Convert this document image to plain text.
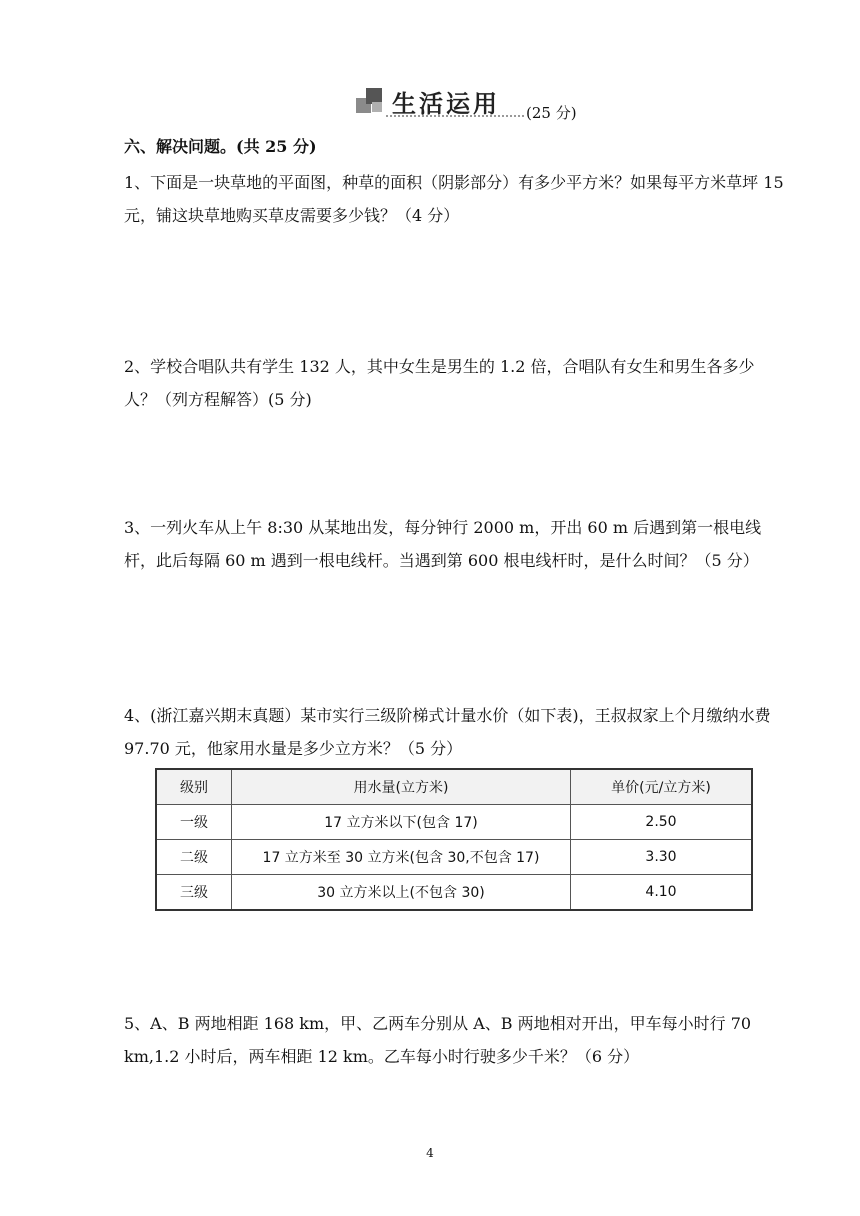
生活运用 (25 分)
六、解决问题。(共 25 分)
1、下面是一块草地的平面图，种草的面积（阴影部分）有多少平方米？如果每平方米草坪 15 元，铺这块草地购买草皮需要多少钱？（4 分）
2、学校合唱队共有学生 132 人，其中女生是男生的 1.2 倍，合唱队有女生和男生各多少人？（列方程解答）(5 分)
3、一列火车从上午 8:30 从某地出发，每分钟行 2000 m，开出 60 m 后遇到第一根电线杆，此后每隔 60 m 遇到一根电线杆。当遇到第 600 根电线杆时，是什么时间？（5 分）
4、(浙江嘉兴期末真题）某市实行三级阶梯式计量水价（如下表)，王叔叔家上个月缴纳水费 97.70 元，他家用水量是多少立方米？（5 分）
级别	用水量(立方米)	单价(元/立方米)
一级	17 立方米以下(包含 17)	2.50
二级	17 立方米至 30 立方米(包含 30,不包含 17)	3.30
三级	30 立方米以上(不包含 30)	4.10
5、A、B 两地相距 168 km，甲、乙两车分别从 A、B 两地相对开出，甲车每小时行 70 km,1.2 小时后，两车相距 12 km。乙车每小时行驶多少千米？（6 分）
4
